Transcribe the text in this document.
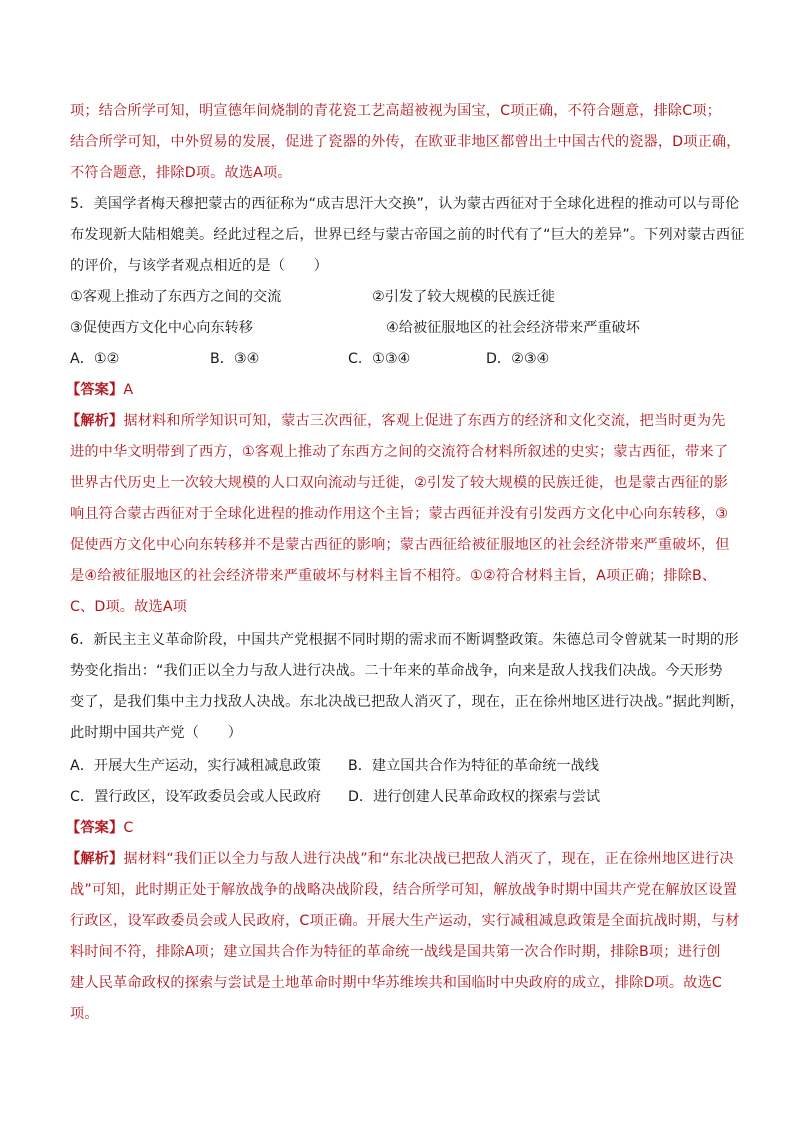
项；结合所学可知，明宣德年间烧制的青花瓷工艺高超被视为国宝，C项正确，不符合题意，排除C项；
结合所学可知，中外贸易的发展，促进了瓷器的外传，在欧亚非地区都曾出土中国古代的瓷器，D项正确，
不符合题意，排除D项。故选A项。
5．美国学者梅天穆把蒙古的西征称为“成吉思汗大交换”，认为蒙古西征对于全球化进程的推动可以与哥伦
布发现新大陆相媲美。经此过程之后，世界已经与蒙古帝国之前的时代有了“巨大的差异”。下列对蒙古西征
的评价，与该学者观点相近的是（　　）
①客观上推动了东西方之间的交流	②引发了较大规模的民族迁徙
③促使西方文化中心向东转移	④给被征服地区的社会经济带来严重破坏
A．①②	B．③④	C．①③④	D．②③④
【答案】A
【解析】据材料和所学知识可知，蒙古三次西征，客观上促进了东西方的经济和文化交流，把当时更为先
进的中华文明带到了西方，①客观上推动了东西方之间的交流符合材料所叙述的史实；蒙古西征，带来了
世界古代历史上一次较大规模的人口双向流动与迁徙，②引发了较大规模的民族迁徙，也是蒙古西征的影
响且符合蒙古西征对于全球化进程的推动作用这个主旨；蒙古西征并没有引发西方文化中心向东转移，③
促使西方文化中心向东转移并不是蒙古西征的影响；蒙古西征给被征服地区的社会经济带来严重破坏，但
是④给被征服地区的社会经济带来严重破坏与材料主旨不相符。①②符合材料主旨，A项正确；排除B、
C、D项。故选A项
6．新民主主义革命阶段，中国共产党根据不同时期的需求而不断调整政策。朱德总司令曾就某一时期的形
势变化指出：“我们正以全力与敌人进行决战。二十年来的革命战争，向来是敌人找我们决战。今天形势
变了，是我们集中主力找敌人决战。东北决战已把敌人消灭了，现在，正在徐州地区进行决战。”据此判断，
此时期中国共产党（　　）
A．开展大生产运动，实行减租减息政策 B．建立国共合作为特征的革命统一战线
C．置行政区，设军政委员会或人民政府 D．进行创建人民革命政权的探索与尝试
【答案】C
【解析】据材料“我们正以全力与敌人进行决战”和“东北决战已把敌人消灭了，现在，正在徐州地区进行决
战”可知，此时期正处于解放战争的战略决战阶段，结合所学可知，解放战争时期中国共产党在解放区设置
行政区，设军政委员会或人民政府，C项正确。开展大生产运动，实行减租减息政策是全面抗战时期，与材
料时间不符，排除A项；建立国共合作为特征的革命统一战线是国共第一次合作时期，排除B项；进行创
建人民革命政权的探索与尝试是土地革命时期中华苏维埃共和国临时中央政府的成立，排除D项。故选C
项。
